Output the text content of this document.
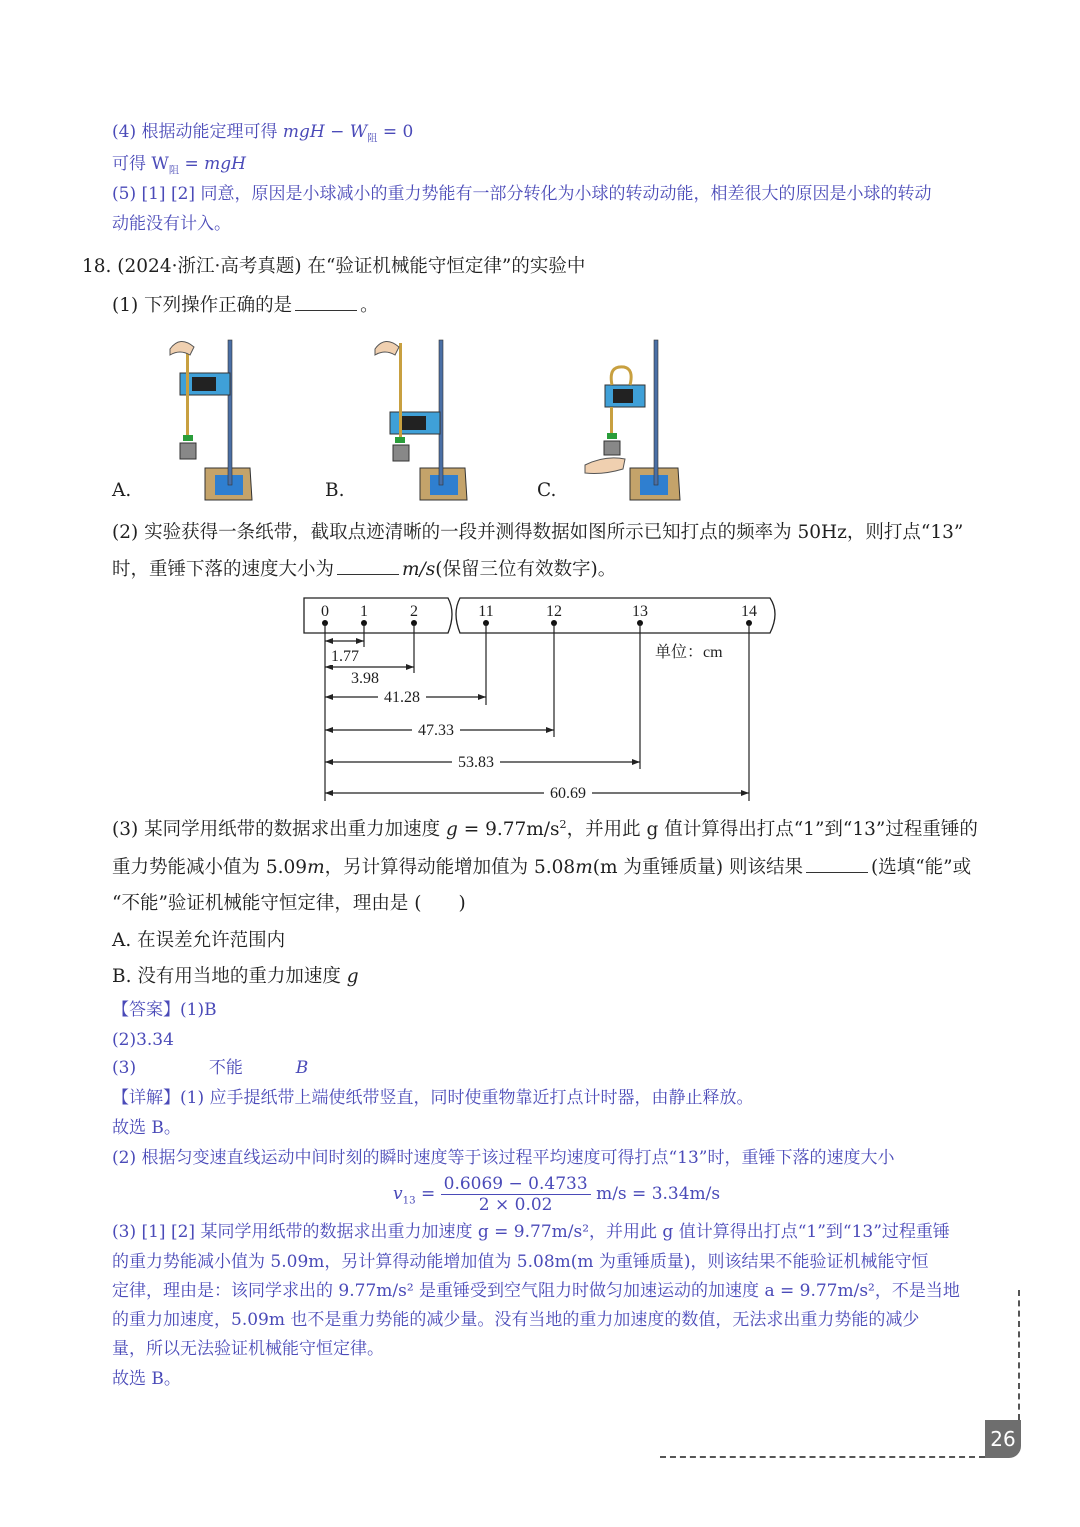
(4) 根据动能定理可得 mgH − $W_阻 = 0$
可得 $W_阻$ = mgH
(5) [1] [2] 同意，原因是小球减小的重力势能有一部分转化为小球的转动动能，相差很大的原因是小球的转动
动能没有计入。
18. (2024·浙江·高考真题) 在“验证机械能守恒定律”的实验中
(1) 下列操作正确的是	。
A.	B.	C.
(2) 实验获得一条纸带，截取点迹清晰的一段并测得数据如图所示已知打点的频率为 50Hz，则打点“13”
时，重锤下落的速度大小为	m/s(保留三位有效数字)。
0 1	2	11	12	13	14
1.77
3.98
41.28
47.33
53.83
60.69
单位：cm
(3) 某同学用纸带的数据求出重力加速度 $g = 9.77m/s^2$，并用此 g 值计算得出打点“1”到“13”过程重锤的
重力势能减小值为 5.09m，另计算得动能增加值为 5.08m(m 为重锤质量) 则该结果	(选填“能”或
“不能”验证机械能守恒定律，理由是 (　　)
A. 在误差允许范围内
B. 没有用当地的重力加速度 g
【答案】(1)B
(2)3.34
(3)	不能	B
【详解】(1) 应手提纸带上端使纸带竖直，同时使重物靠近打点计时器，由静止释放。
故选 B。
(2) 根据匀变速直线运动中间时刻的瞬时速度等于该过程平均速度可得打点“13”时，重锤下落的速度大小
$v_{13} = \frac{0.6069 - 0.4733}{2 \times 0.02} m/s = 3.34m/s$
(3) [1] [2] 某同学用纸带的数据求出重力加速度 g = 9.77m/s²，并用此 g 值计算得出打点“1”到“13”过程重锤
的重力势能减小值为 5.09m，另计算得动能增加值为 5.08m(m 为重锤质量)，则该结果不能验证机械能守恒
定律，理由是：该同学求出的 9.77m/s² 是重锤受到空气阻力时做匀加速运动的加速度 a = 9.77m/s²，不是当地
的重力加速度，5.09m 也不是重力势能的减少量。没有当地的重力加速度的数值，无法求出重力势能的减少
量，所以无法验证机械能守恒定律。
故选 B。
26
